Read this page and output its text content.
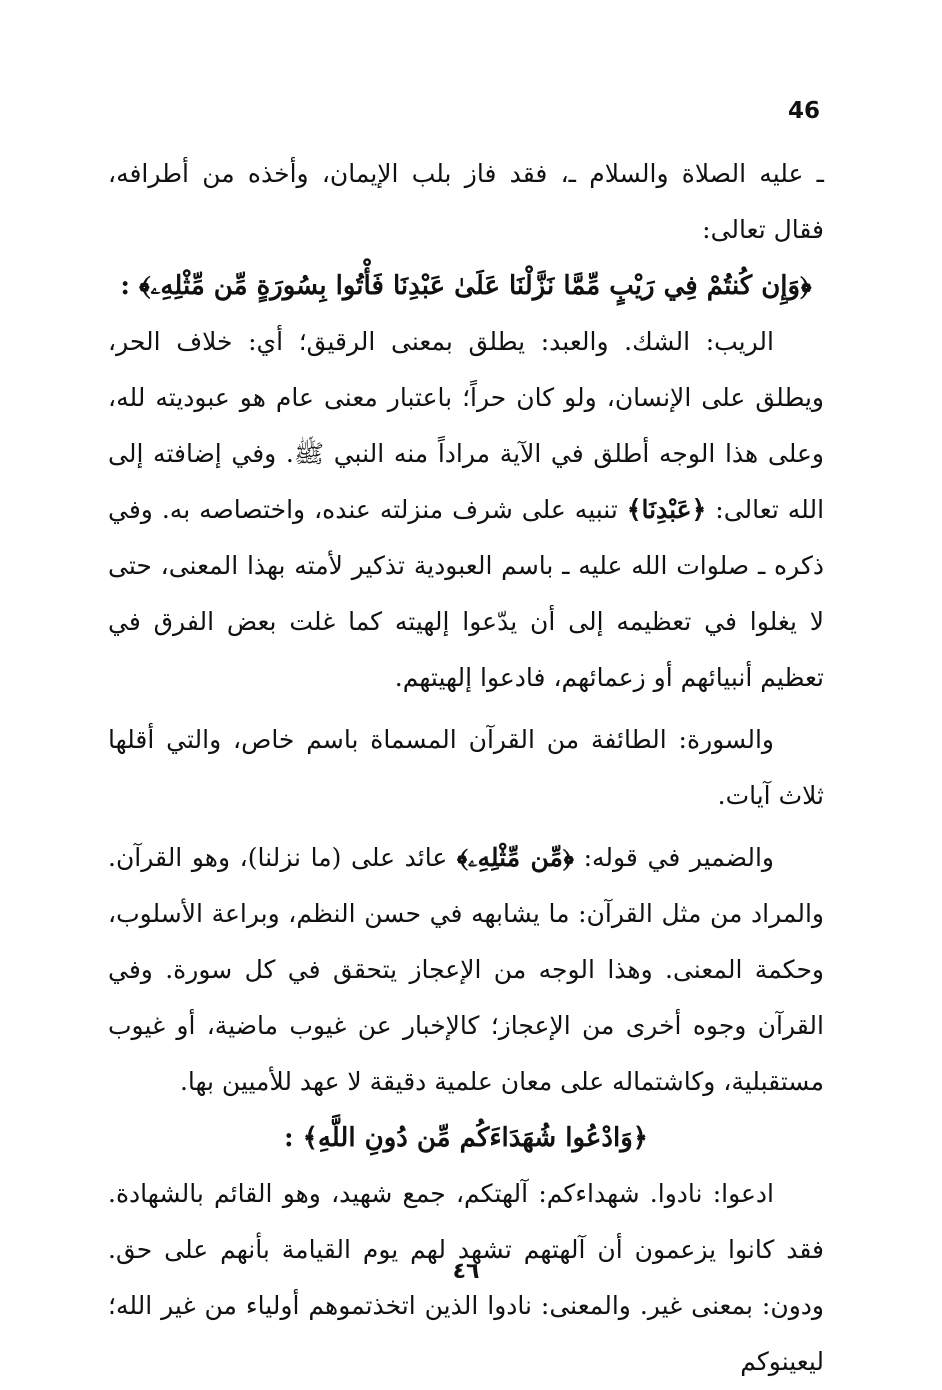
46

ـ عليه الصلاة والسلام ـ، فقد فاز بلب الإيمان، وأخذه من أطرافه، فقال تعالى:

﴿وَإِن كُنتُمْ فِي رَيْبٍ مِّمَّا نَزَّلْنَا عَلَىٰ عَبْدِنَا فَأْتُوا بِسُورَةٍ مِّن مِّثْلِهِۦ﴾ :

الريب: الشك. والعبد: يطلق بمعنى الرقيق؛ أي: خلاف الحر، ويطلق على الإنسان، ولو كان حراً؛ باعتبار معنى عام هو عبوديته لله، وعلى هذا الوجه أطلق في الآية مراداً منه النبي ﷺ. وفي إضافته إلى الله تعالى: ﴿عَبْدِنَا﴾ تنبيه على شرف منزلته عنده، واختصاصه به. وفي ذكره ـ صلوات الله عليه ـ باسم العبودية تذكير لأمته بهذا المعنى، حتى لا يغلوا في تعظيمه إلى أن يدّعوا إلهيته كما غلت بعض الفرق في تعظيم أنبيائهم أو زعمائهم، فادعوا إلهيتهم.

والسورة: الطائفة من القرآن المسماة باسم خاص، والتي أقلها ثلاث آيات.

والضمير في قوله: ﴿مِّن مِّثْلِهِۦ﴾ عائد على (ما نزلنا)، وهو القرآن. والمراد من مثل القرآن: ما يشابهه في حسن النظم، وبراعة الأسلوب، وحكمة المعنى. وهذا الوجه من الإعجاز يتحقق في كل سورة. وفي القرآن وجوه أخرى من الإعجاز؛ كالإخبار عن غيوب ماضية، أو غيوب مستقبلية، وكاشتماله على معان علمية دقيقة لا عهد للأميين بها.

﴿وَادْعُوا شُهَدَاءَكُم مِّن دُونِ اللَّهِ﴾ :

ادعوا: نادوا. شهداءكم: آلهتكم، جمع شهيد، وهو القائم بالشهادة. فقد كانوا يزعمون أن آلهتهم تشهد لهم يوم القيامة بأنهم على حق. ودون: بمعنى غير. والمعنى: نادوا الذين اتخذتموهم أولياء من غير الله؛ ليعينوكم

٤٦
